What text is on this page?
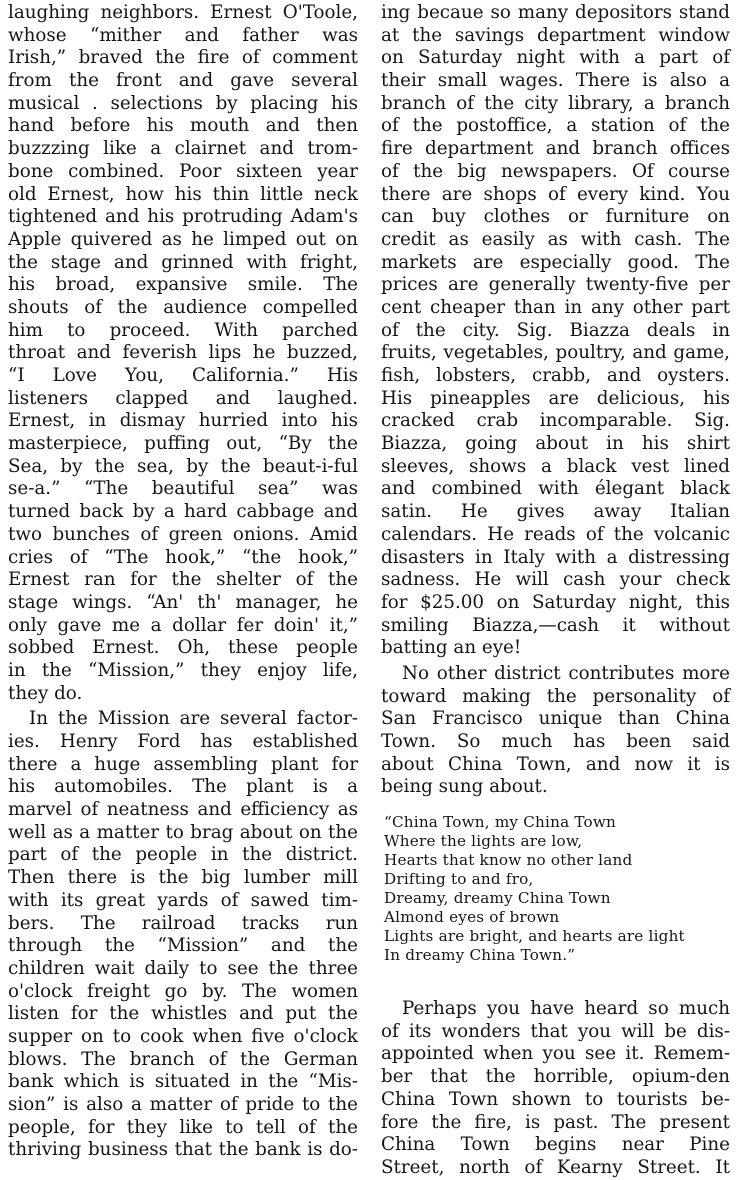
laughing neighbors. Ernest O'Toole,
whose “mither and father was
Irish,” braved the fire of comment
from the front and gave several
musical . selections by placing his
hand before his mouth and then
buzzzing like a clairnet and trom-
bone combined. Poor sixteen year
old Ernest, how his thin little neck
tightened and his protruding Adam's
Apple quivered as he limped out on
the stage and grinned with fright,
his broad, expansive smile. The
shouts of the audience compelled
him to proceed. With parched
throat and feverish lips he buzzed,
“I Love You, California.” His
listeners clapped and laughed.
Ernest, in dismay hurried into his
masterpiece, puffing out, “By the
Sea, by the sea, by the beaut-i-ful
se-a.” “The beautiful sea” was
turned back by a hard cabbage and
two bunches of green onions. Amid
cries of “The hook,” “the hook,”
Ernest ran for the shelter of the
stage wings. “An' th' manager, he
only gave me a dollar fer doin' it,”
sobbed Ernest. Oh, these people
in the “Mission,” they enjoy life,
they do.
In the Mission are several factor-
ies. Henry Ford has established
there a huge assembling plant for
his automobiles. The plant is a
marvel of neatness and efficiency as
well as a matter to brag about on the
part of the people in the district.
Then there is the big lumber mill
with its great yards of sawed tim-
bers. The railroad tracks run
through the “Mission” and the
children wait daily to see the three
o'clock freight go by. The women
listen for the whistles and put the
supper on to cook when five o'clock
blows. The branch of the German
bank which is situated in the “Mis-
sion” is also a matter of pride to the
people, for they like to tell of the
thriving business that the bank is do-
ing becaue so many depositors stand
at the savings department window
on Saturday night with a part of
their small wages. There is also a
branch of the city library, a branch
of the postoffice, a station of the
fire department and branch offices
of the big newspapers. Of course
there are shops of every kind. You
can buy clothes or furniture on
credit as easily as with cash. The
markets are especially good. The
prices are generally twenty-five per
cent cheaper than in any other part
of the city. Sig. Biazza deals in
fruits, vegetables, poultry, and game,
fish, lobsters, crabb, and oysters.
His pineapples are delicious, his
cracked crab incomparable. Sig.
Biazza, going about in his shirt
sleeves, shows a black vest lined
and combined with élegant black
satin. He gives away Italian
calendars. He reads of the volcanic
disasters in Italy with a distressing
sadness. He will cash your check
for $25.00 on Saturday night, this
smiling Biazza,—cash it without
batting an eye!
No other district contributes more
toward making the personality of
San Francisco unique than China
Town. So much has been said
about China Town, and now it is
being sung about.
“China Town, my China Town
Where the lights are low,
Hearts that know no other land
Drifting to and fro,
Dreamy, dreamy China Town
Almond eyes of brown
Lights are bright, and hearts are light
In dreamy China Town.”
Perhaps you have heard so much
of its wonders that you will be dis-
appointed when you see it. Remem-
ber that the horrible, opium-den
China Town shown to tourists be-
fore the fire, is past. The present
China Town begins near Pine
Street, north of Kearny Street. It
